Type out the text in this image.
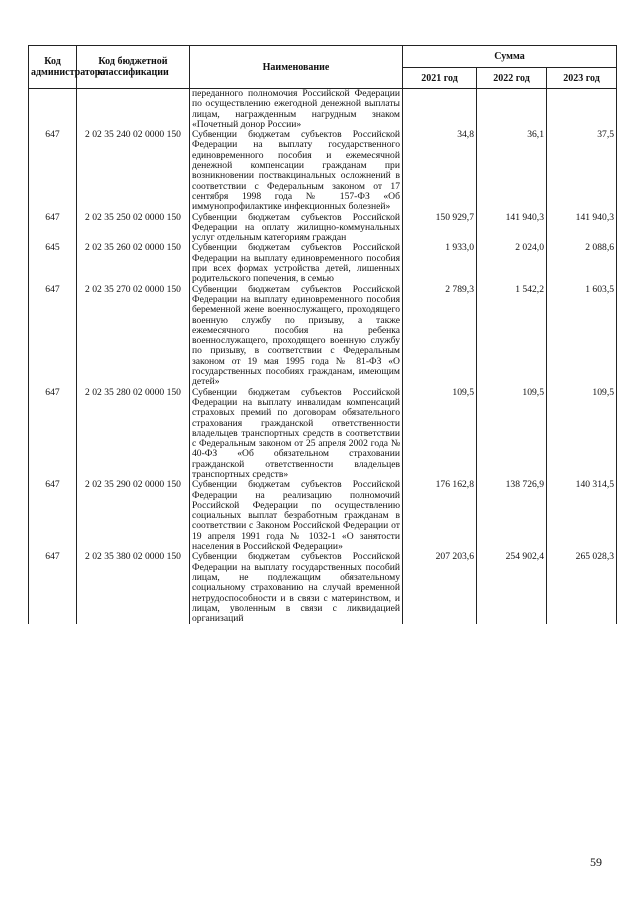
Код администратора	Код бюджетной классификации	Наименование	Сумма		
			2021 год	2022 год	2023 год
		переданного полномочия Российской Федерации по осуществлению ежегодной денежной выплаты лицам, награжденным нагрудным знаком «Почетный донор России»			
647	2 02 35 240 02 0000 150	Субвенции бюджетам субъектов Российской Федерации на выплату государственного единовременного пособия и ежемесячной денежной компенсации гражданам при возникновении поствакцинальных осложнений в соответствии с Федеральным законом от 17 сентября 1998 года № 157-ФЗ «Об иммунопрофилактике инфекционных болезней»	34,8	36,1	37,5
647	2 02 35 250 02 0000 150	Субвенции бюджетам субъектов Российской Федерации на оплату жилищно-коммунальных услуг отдельным категориям граждан	150 929,7	141 940,3	141 940,3
645	2 02 35 260 02 0000 150	Субвенции бюджетам субъектов Российской Федерации на выплату единовременного пособия при всех формах устройства детей, лишенных родительского попечения, в семью	1 933,0	2 024,0	2 088,6
647	2 02 35 270 02 0000 150	Субвенции бюджетам субъектов Российской Федерации на выплату единовременного пособия беременной жене военнослужащего, проходящего военную службу по призыву, а также ежемесячного пособия на ребенка военнослужащего, проходящего военную службу по призыву, в соответствии с Федеральным законом от 19 мая 1995 года № 81-ФЗ «О государственных пособиях гражданам, имеющим детей»	2 789,3	1 542,2	1 603,5
647	2 02 35 280 02 0000 150	Субвенции бюджетам субъектов Российской Федерации на выплату инвалидам компенсаций страховых премий по договорам обязательного страхования гражданской ответственности владельцев транспортных средств в соответствии с Федеральным законом от 25 апреля 2002 года № 40-ФЗ «Об обязательном страховании гражданской ответственности владельцев транспортных средств»	109,5	109,5	109,5
647	2 02 35 290 02 0000 150	Субвенции бюджетам субъектов Российской Федерации на реализацию полномочий Российской Федерации по осуществлению социальных выплат безработным гражданам в соответствии с Законом Российской Федерации от 19 апреля 1991 года № 1032-1 «О занятости населения в Российской Федерации»	176 162,8	138 726,9	140 314,5
647	2 02 35 380 02 0000 150	Субвенции бюджетам субъектов Российской Федерации на выплату государственных пособий лицам, не подлежащим обязательному социальному страхованию на случай временной нетрудоспособности и в связи с материнством, и лицам, уволенным в связи с ликвидацией организаций	207 203,6	254 902,4	265 028,3
59
